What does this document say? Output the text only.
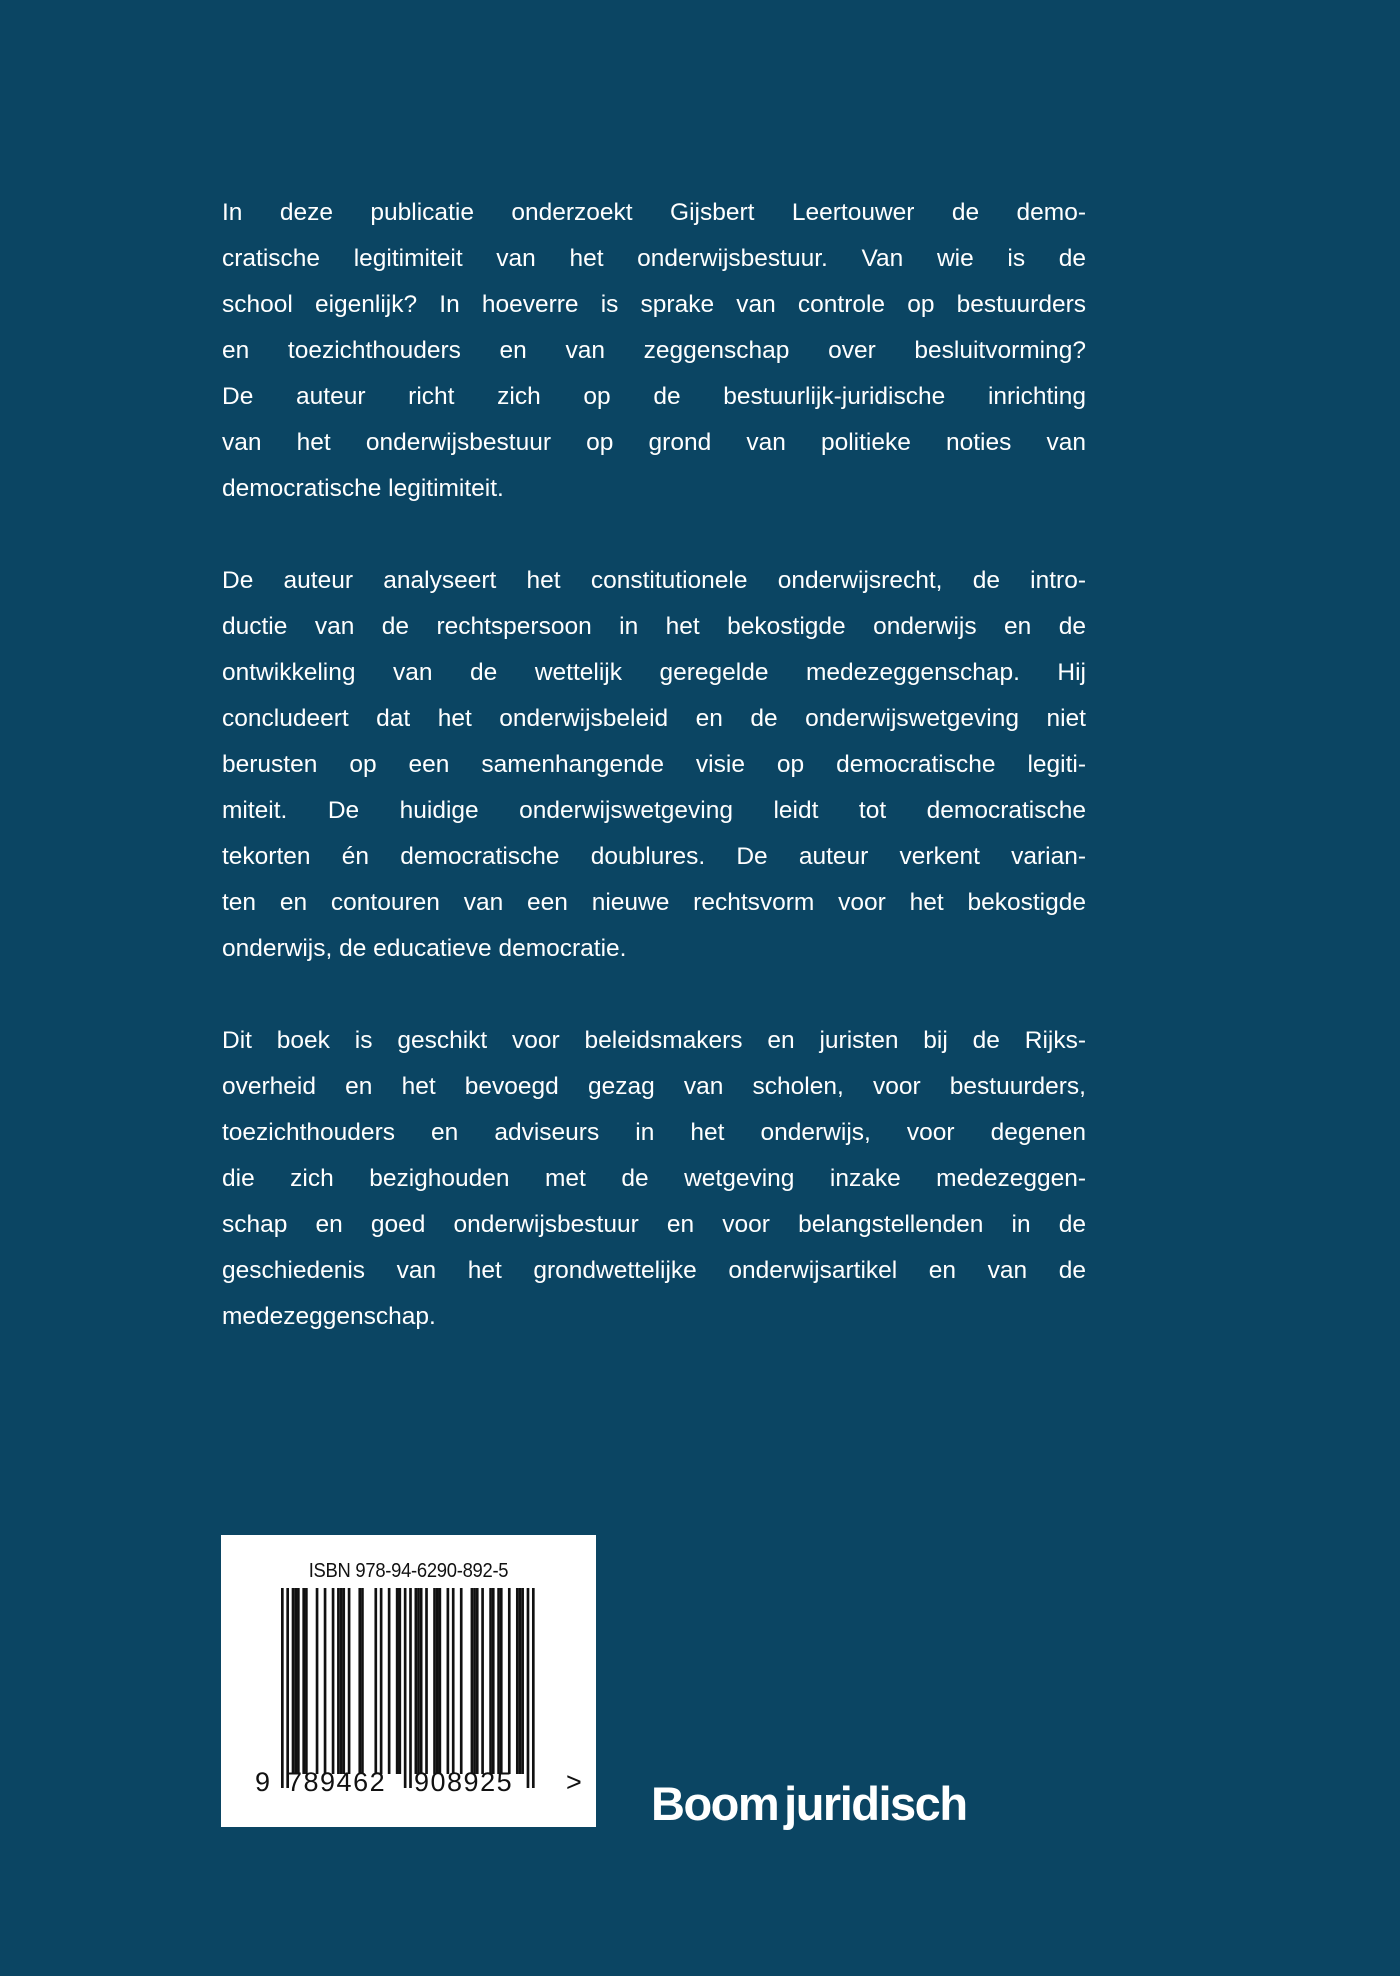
In deze publicatie onderzoekt Gijsbert Leertouwer de demo-
cratische legitimiteit van het onderwijsbestuur. Van wie is de
school eigenlijk? In hoeverre is sprake van controle op bestuurders
en toezichthouders en van zeggenschap over besluitvorming?
De auteur richt zich op de bestuurlijk-juridische inrichting
van het onderwijsbestuur op grond van politieke noties van
democratische legitimiteit.
De auteur analyseert het constitutionele onderwijsrecht, de intro-
ductie van de rechtspersoon in het bekostigde onderwijs en de
ontwikkeling van de wettelijk geregelde medezeggenschap. Hij
concludeert dat het onderwijsbeleid en de onderwijswetgeving niet
berusten op een samenhangende visie op democratische legiti-
miteit. De huidige onderwijswetgeving leidt tot democratische
tekorten én democratische doublures. De auteur verkent varian-
ten en contouren van een nieuwe rechtsvorm voor het bekostigde
onderwijs, de educatieve democratie.
Dit boek is geschikt voor beleidsmakers en juristen bij de Rijks-
overheid en het bevoegd gezag van scholen, voor bestuurders,
toezichthouders en adviseurs in het onderwijs, voor degenen
die zich bezighouden met de wetgeving inzake medezeggen-
schap en goed onderwijsbestuur en voor belangstellenden in de
geschiedenis van het grondwettelijke onderwijsartikel en van de
medezeggenschap.
ISBN 978-94-6290-892-5
9 789462 908925 > Boom juridisch
